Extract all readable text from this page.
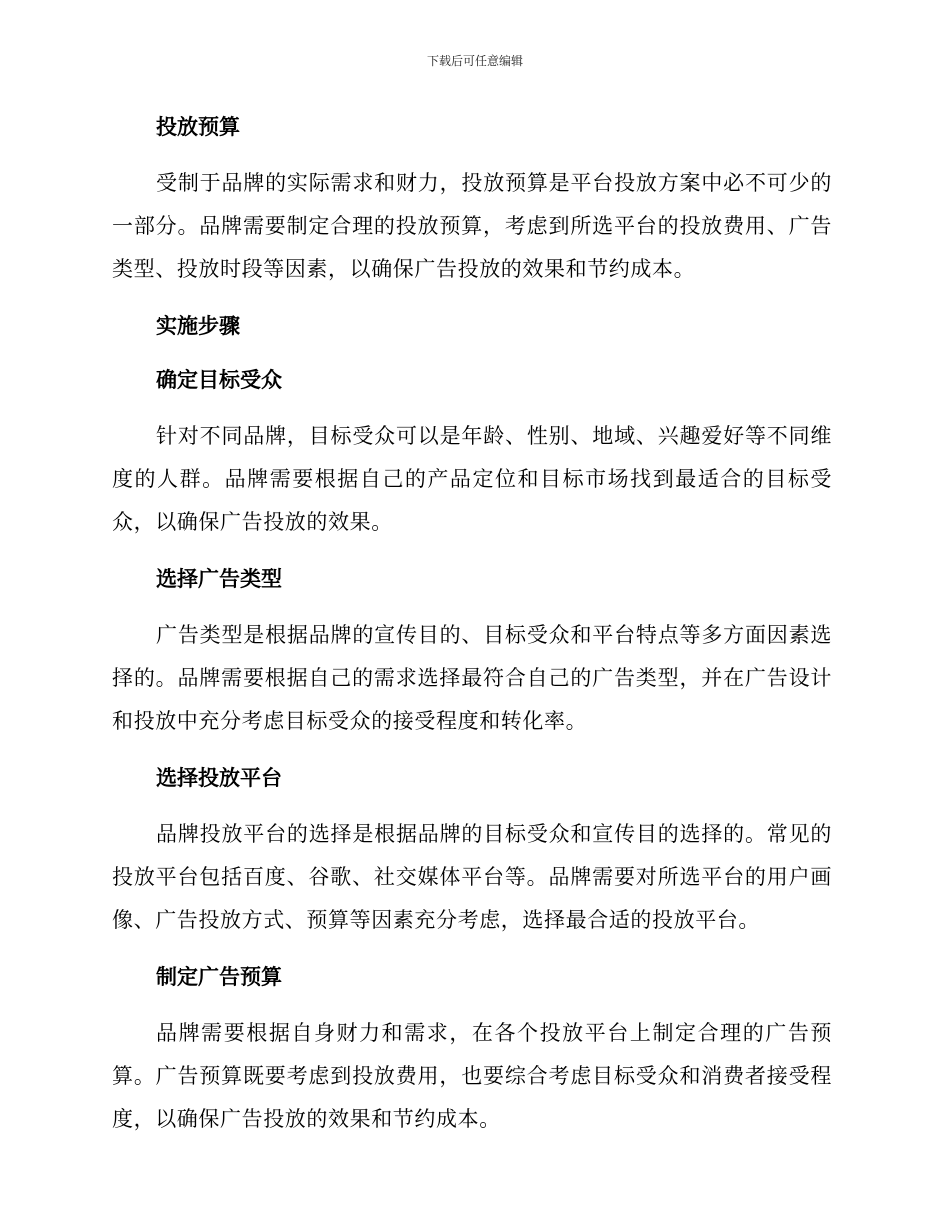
下载后可任意编辑
投放预算

受制于品牌的实际需求和财力，投放预算是平台投放方案中必不可少的一部分。品牌需要制定合理的投放预算，考虑到所选平台的投放费用、广告类型、投放时段等因素，以确保广告投放的效果和节约成本。

实施步骤
确定目标受众

针对不同品牌，目标受众可以是年龄、性别、地域、兴趣爱好等不同维度的人群。品牌需要根据自己的产品定位和目标市场找到最适合的目标受众，以确保广告投放的效果。

选择广告类型

广告类型是根据品牌的宣传目的、目标受众和平台特点等多方面因素选择的。品牌需要根据自己的需求选择最符合自己的广告类型，并在广告设计和投放中充分考虑目标受众的接受程度和转化率。

选择投放平台

品牌投放平台的选择是根据品牌的目标受众和宣传目的选择的。常见的投放平台包括百度、谷歌、社交媒体平台等。品牌需要对所选平台的用户画像、广告投放方式、预算等因素充分考虑，选择最合适的投放平台。

制定广告预算

品牌需要根据自身财力和需求，在各个投放平台上制定合理的广告预算。广告预算既要考虑到投放费用，也要综合考虑目标受众和消费者接受程度，以确保广告投放的效果和节约成本。
